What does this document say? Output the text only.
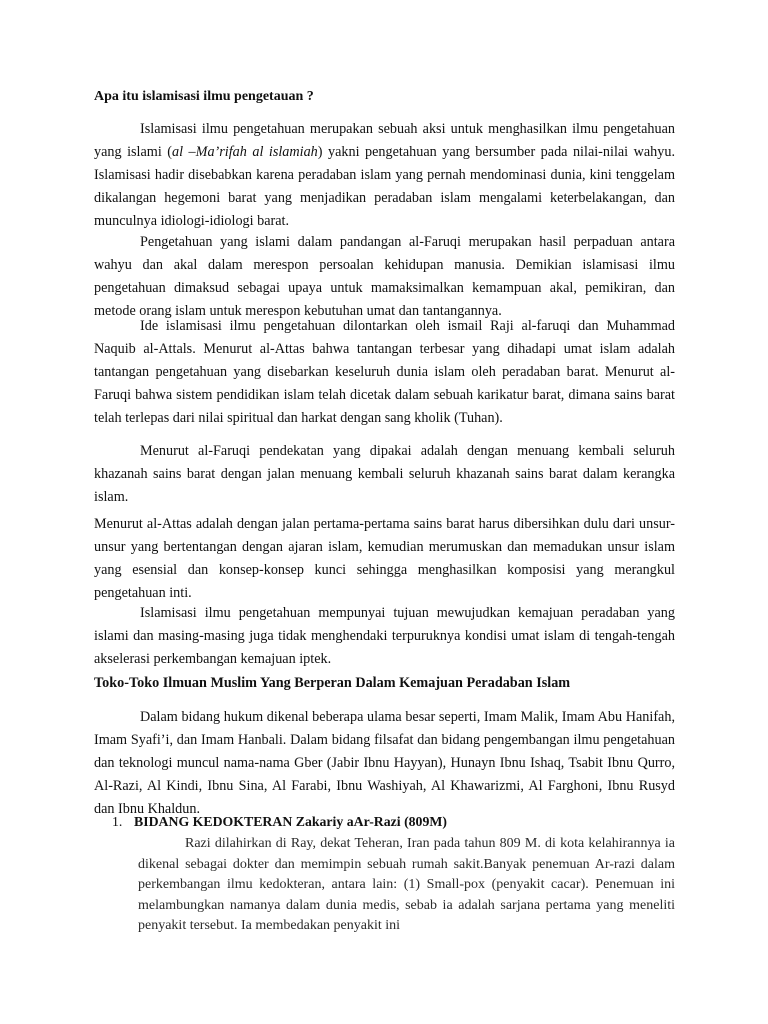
Apa itu islamisasi ilmu pengetauan ?

Islamisasi ilmu pengetahuan merupakan sebuah aksi untuk menghasilkan ilmu pengetahuan yang islami (al –Ma’rifah al islamiah) yakni pengetahuan yang bersumber pada nilai-nilai wahyu. Islamisasi hadir disebabkan karena peradaban islam yang pernah mendominasi dunia, kini tenggelam dikalangan hegemoni barat yang menjadikan peradaban islam mengalami keterbelakangan, dan munculnya idiologi-idiologi barat.

Pengetahuan yang islami dalam pandangan al-Faruqi merupakan hasil perpaduan antara wahyu dan akal dalam merespon persoalan kehidupan manusia. Demikian islamisasi ilmu pengetahuan dimaksud sebagai upaya untuk mamaksimalkan kemampuan akal, pemikiran, dan metode orang islam untuk merespon kebutuhan umat dan tantangannya.

Ide islamisasi ilmu pengetahuan dilontarkan oleh ismail Raji al-faruqi dan Muhammad Naquib al-Attals. Menurut al-Attas bahwa tantangan terbesar yang dihadapi umat islam adalah tantangan pengetahuan yang disebarkan keseluruh dunia islam oleh peradaban barat. Menurut al-Faruqi bahwa sistem pendidikan islam telah dicetak dalam sebuah karikatur barat, dimana sains barat telah terlepas dari nilai spiritual dan harkat dengan sang kholik (Tuhan).

Menurut al-Faruqi pendekatan yang dipakai adalah dengan menuang kembali seluruh khazanah sains barat dengan jalan menuang kembali seluruh khazanah sains barat dalam kerangka islam.

Menurut al-Attas adalah dengan jalan pertama-pertama sains barat harus dibersihkan dulu dari unsur-unsur yang bertentangan dengan ajaran islam, kemudian merumuskan dan memadukan unsur islam yang esensial dan konsep-konsep kunci sehingga menghasilkan komposisi yang merangkul pengetahuan inti.

Islamisasi ilmu pengetahuan mempunyai tujuan mewujudkan kemajuan peradaban yang islami dan masing-masing juga tidak menghendaki terpuruknya kondisi umat islam di tengah-tengah akselerasi perkembangan kemajuan iptek.

Toko-Toko Ilmuan Muslim Yang Berperan Dalam Kemajuan Peradaban Islam

Dalam bidang hukum dikenal beberapa ulama besar seperti, Imam Malik, Imam Abu Hanifah, Imam Syafi’i, dan Imam Hanbali. Dalam bidang filsafat dan bidang pengembangan ilmu pengetahuan dan teknologi muncul nama-nama Gber (Jabir Ibnu Hayyan), Hunayn Ibnu Ishaq, Tsabit Ibnu Qurro, Al-Razi, Al Kindi, Ibnu Sina, Al Farabi, Ibnu Washiyah, Al Khawarizmi, Al Farghoni, Ibnu Rusyd dan Ibnu Khaldun.

1. BIDANG KEDOKTERAN Zakariy aAr-Razi (809M)

Razi dilahirkan di Ray, dekat Teheran, Iran pada tahun 809 M. di kota kelahirannya ia dikenal sebagai dokter dan memimpin sebuah rumah sakit.Banyak penemuan Ar-razi dalam perkembangan ilmu kedokteran, antara lain: (1) Small-pox (penyakit cacar). Penemuan ini melambungkan namanya dalam dunia medis, sebab ia adalah sarjana pertama yang meneliti penyakit tersebut. Ia membedakan penyakit ini
